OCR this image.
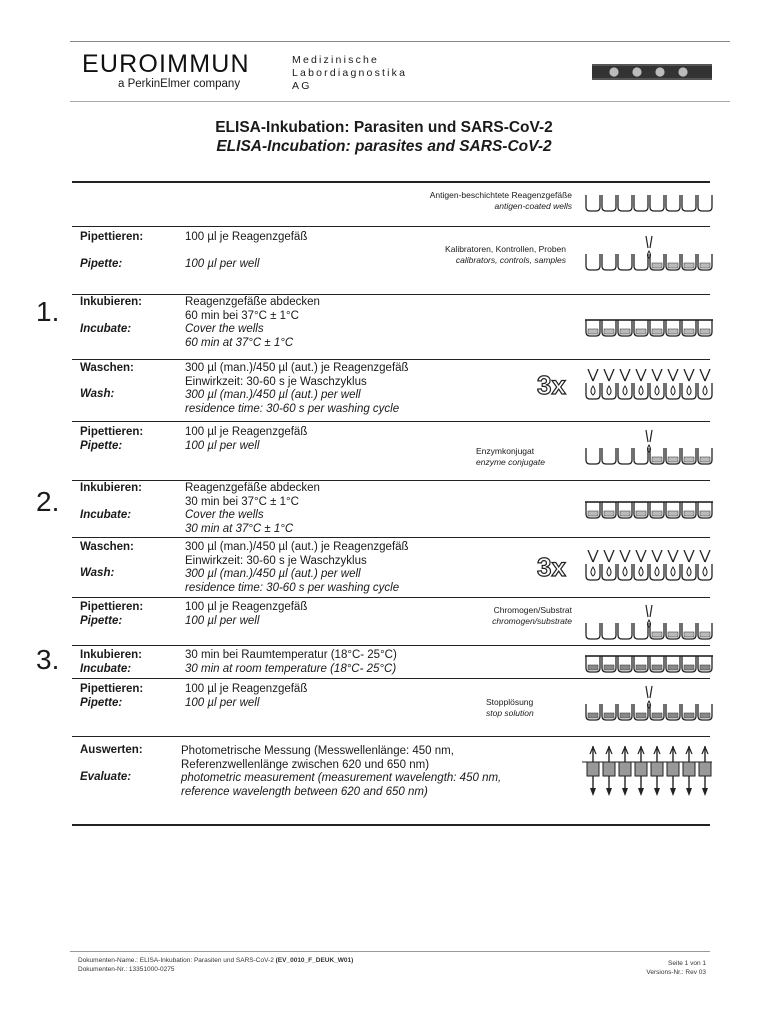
EUROIMMUN
a PerkinElmer company
Medizinische
Labordiagnostika
AG
ELISA-Inkubation: Parasiten und SARS-CoV-2
ELISA-Incubation: parasites and SARS-CoV-2
Antigen-beschichtete Reagenzgefäße
antigen-coated wells
Pipettieren:
Pipette:
100 µl je Reagenzgefäß
100 µl per well
Kalibratoren, Kontrollen, Proben
calibrators, controls, samples
1. Inkubieren:
Incubate:
Reagenzgefäße abdecken
60 min bei 37°C ± 1°C
Cover the wells
60 min at 37°C ± 1°C
Waschen:
Wash:
300 µl (man.)/450 µl (aut.) je Reagenzgefäß
Einwirkzeit: 30-60 s je Waschzyklus
300 µl (man.)/450 µl (aut.) per well
residence time: 30-60 s per washing cycle
3x
Pipettieren:
Pipette:
100 µl je Reagenzgefäß
100 µl per well	Enzymkonjugat
enzyme conjugate
2. Inkubieren:
Incubate:
Reagenzgefäße abdecken
30 min bei 37°C ± 1°C
Cover the wells
30 min at 37°C ± 1°C
Waschen:
Wash:
300 µl (man.)/450 µl (aut.) je Reagenzgefäß
Einwirkzeit: 30-60 s je Waschzyklus
300 µl (man.)/450 µl (aut.) per well
residence time: 30-60 s per washing cycle
3x
Pipettieren:
Pipette:
100 µl je Reagenzgefäß
100 µl per well
Chromogen/Substrat
chromogen/substrate
3. Inkubieren:
Incubate:
30 min bei Raumtemperatur (18°C- 25°C)
30 min at room temperature (18°C- 25°C)
Pipettieren:
Pipette:
100 µl je Reagenzgefäß
100 µl per well	Stopplösung
stop solution
Auswerten:
Evaluate:
Photometrische Messung (Messwellenlänge: 450 nm,
Referenzwellenlänge zwischen 620 und 650 nm)
photometric measurement (measurement wavelength: 450 nm,
reference wavelength between 620 and 650 nm)
Dokumenten-Name.: ELISA-Inkubation: Parasiten und SARS-CoV-2 (EV_0010_F_DEUK_W01)
Dokumenten-Nr.: 13351000-0275
Seite 1 von 1
Versions-Nr.: Rev 03
